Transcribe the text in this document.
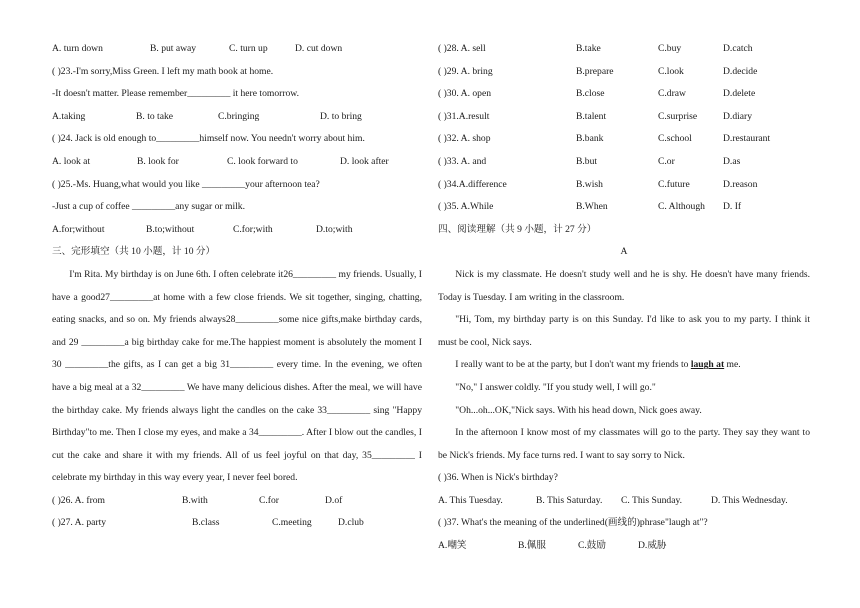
A. turn down	B. put away	C. turn up	D. cut down
( )23.-I'm sorry,Miss Green. I left my math book at home.
-It doesn't matter. Please remember_________ it here tomorrow.
A.taking	B. to take	C.bringing	D. to bring
( )24. Jack is old enough to_________himself now. You needn't worry about him.
A. look at	B. look for	C. look forward to	D. look after
( )25.-Ms. Huang,what would you like _________your afternoon tea?
-Just a cup of coffee _________any sugar or milk.
A.for;without	B.to;without	C.for;with	D.to;with
三、完形填空（共 10 小题，计 10 分）

I'm Rita. My birthday is on June 6th. I often celebrate it26_________ my friends. Usually, I have a good27_________at home with a few close friends. We sit together, singing, chatting, eating snacks, and so on. My friends always28_________some nice gifts,make birthday cards, and 29 _________a big birthday cake for me.The happiest moment is absolutely the moment I 30 _________the gifts, as I can get a big 31_________ every time. In the evening, we often have a big meal at a 32_________ We have many delicious dishes. After the meal, we will have the birthday cake. My friends always light the candles on the cake 33_________ sing "Happy Birthday"to me. Then I close my eyes, and make a 34_________. After I blow out the candles, I cut the cake and share it with my friends. All of us feel joyful on that day, 35_________ I celebrate my birthday in this way every year, I never feel bored.

( )26. A. from	B.with	C.for	D.of
( )27. A. party	B.class	C.meeting	D.club
( )28. A. sell	B.take	C.buy	D.catch
( )29. A. bring	B.prepare	C.look	D.decide
( )30. A. open	B.close	C.draw	D.delete
( )31.A.result	B.talent	C.surprise	D.diary
( )32. A. shop	B.bank	C.school	D.restaurant
( )33. A. and	B.but	C.or	D.as
( )34.A.difference	B.wish	C.future	D.reason
( )35. A.While	B.When	C. Although D. If
四、阅读理解（共 9 小题，计 27 分）
A

Nick is my classmate. He doesn't study well and he is shy. He doesn't have many friends. Today is Tuesday. I am writing in the classroom.

"Hi, Tom, my birthday party is on this Sunday. I'd like to ask you to my party. I think it must be cool, Nick says.

I really want to be at the party, but I don't want my friends to laugh at me.

"No," I answer coldly. "If you study well, I will go."

"Oh...oh...OK,"Nick says. With his head down, Nick goes away.

In the afternoon I know most of my classmates will go to the party. They say they want to be Nick's friends. My face turns red. I want to say sorry to Nick.

( )36. When is Nick's birthday?
A. This Tuesday.	B. This Saturday. C. This Sunday.	D. This Wednesday.
( )37. What's the meaning of the underlined(画线的)phrase"laugh at"?
A.嘲笑	B.佩服	C.鼓励	D.威胁
